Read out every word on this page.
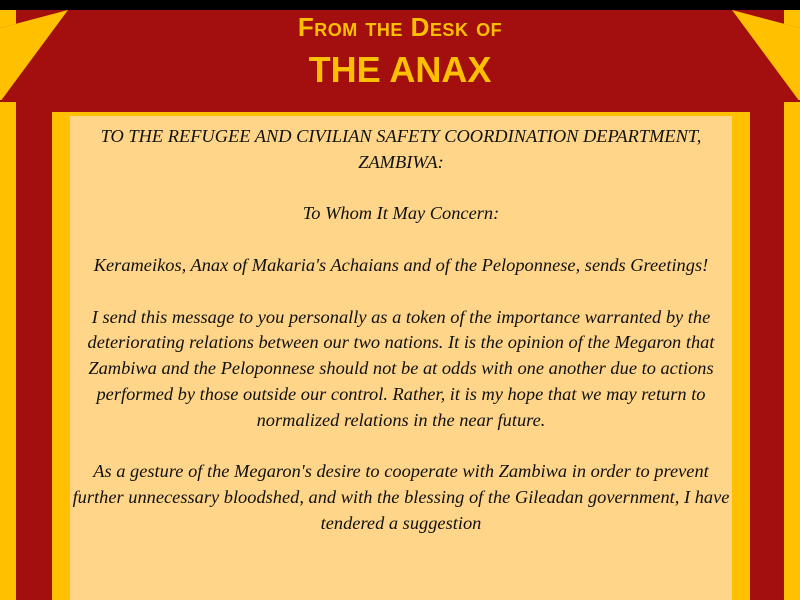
From the Desk of
THE ANAX

TO THE REFUGEE AND CIVILIAN SAFETY COORDINATION DEPARTMENT, ZAMBIWA:

To Whom It May Concern:

Kerameikos, Anax of Makaria's Achaians and of the Peloponnese, sends Greetings!

I send this message to you personally as a token of the importance warranted by the deteriorating relations between our two nations. It is the opinion of the Megaron that Zambiwa and the Peloponnese should not be at odds with one another due to actions performed by those outside our control. Rather, it is my hope that we may return to normalized relations in the near future.

As a gesture of the Megaron's desire to cooperate with Zambiwa in order to prevent further unnecessary bloodshed, and with the blessing of the Gileadan government, I have tendered a suggestion
